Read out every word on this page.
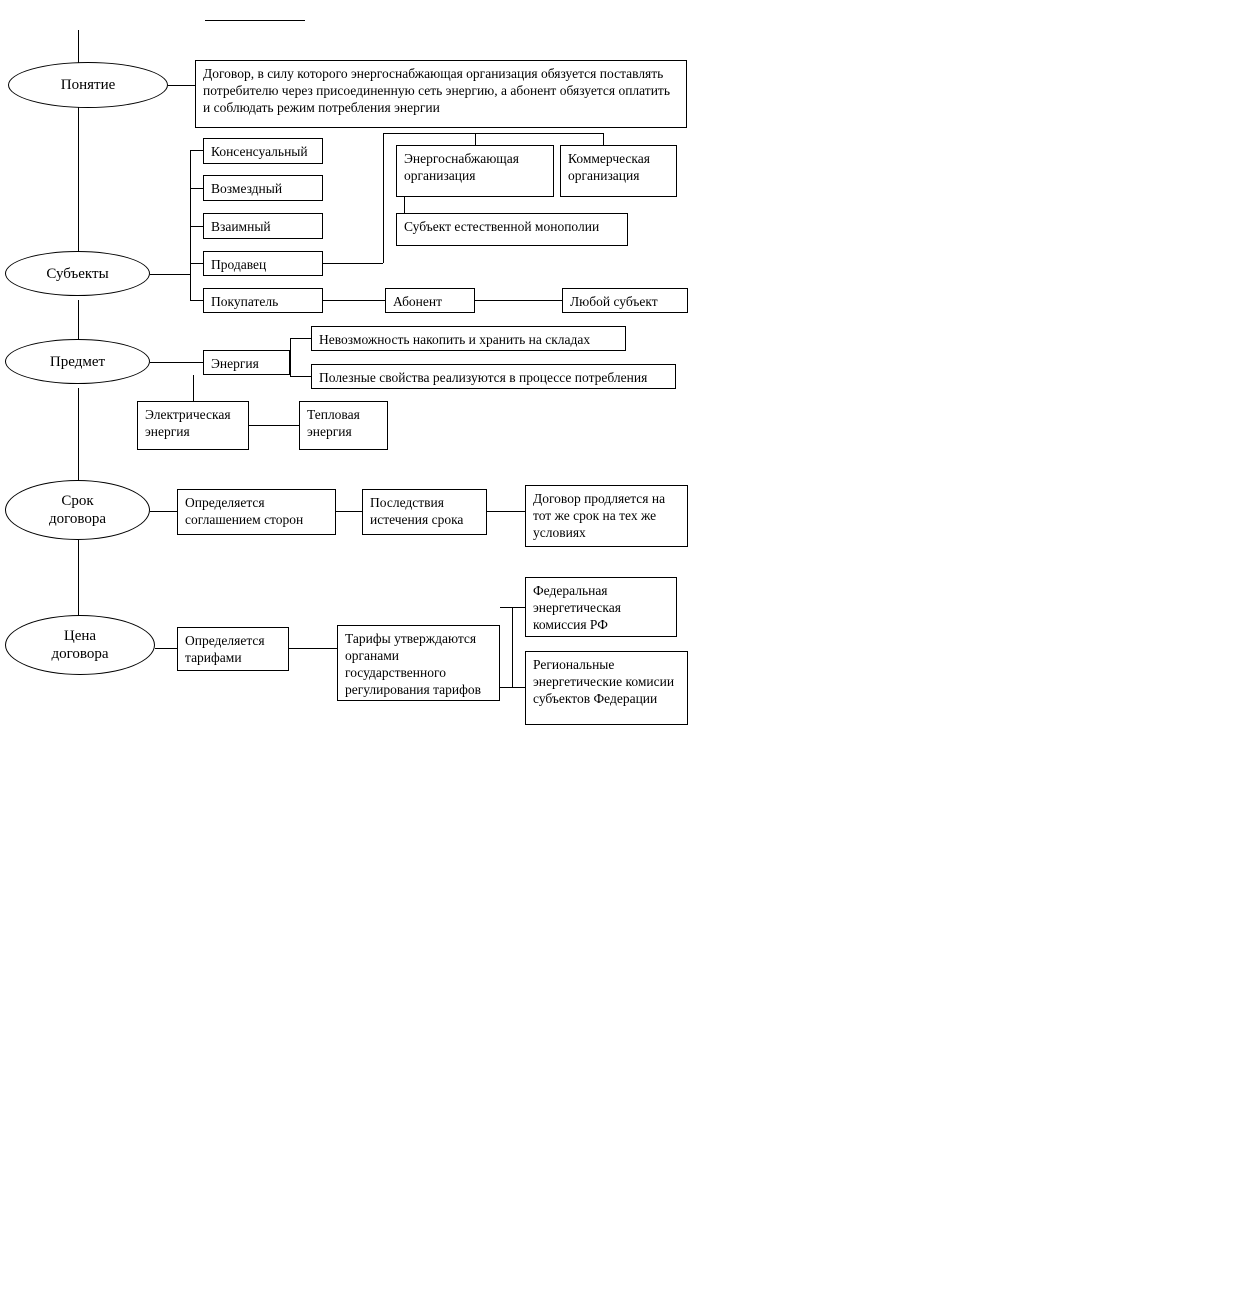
Понятие
Договор, в силу которого энергоснабжающая организация обязуется поставлять потребителю через присоединенную сеть энергию, а абонент обязуется оплатить и соблюдать режим потребления энергии
Консенсуальный
Возмездный
Взаимный
Субъекты
Продавец
Покупатель
Энергоснабжающая организация
Коммерческая организация
Субъект естественной монополии
Абонент	Любой субъект
Предмет	Энергия
Невозможность накопить и хранить на складах
Полезные свойства реализуются в процессе потребления
Электрическая энергия
Тепловая энергия
Срок
договора
Определяется соглашением сторон
Последствия истечения срока
Договор продляется на тот же срок на тех же условиях
Цена
договора
Определяется тарифами
Тарифы утверждаются органами государственного регулирования тарифов
Федеральная энергетическая комиссия РФ
Региональные энергетические комисии субъектов Федерации
